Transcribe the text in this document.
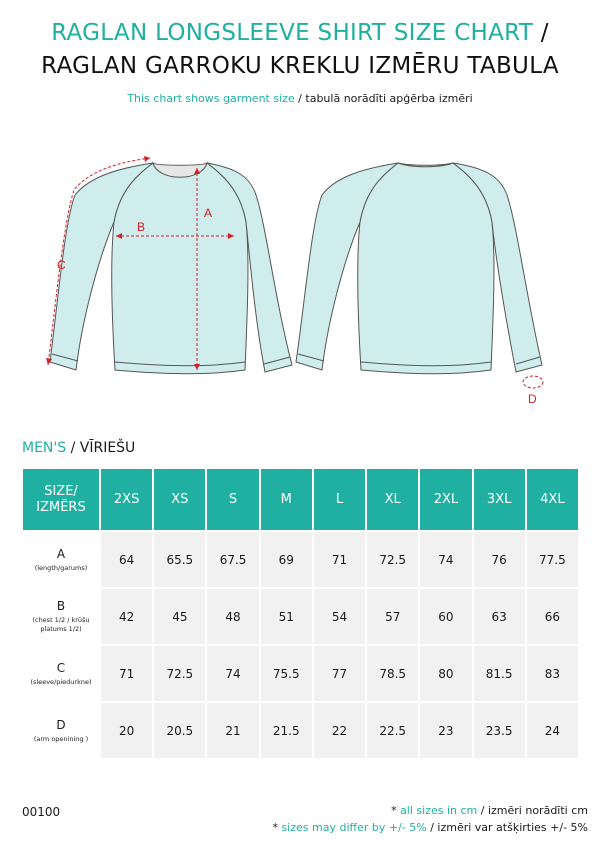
RAGLAN LONGSLEEVE SHIRT SIZE CHART /
RAGLAN GARROKU KREKLU IZMĒRU TABULA
This chart shows garment size / tabulā norādīti apģērba izmēri
A
B
C
D
MEN'S / VĪRIEŠU
SIZE/
IZMĒRS	2XS	XS	S	M	L	XL	2XL	3XL	4XL

A
(length/garums)	64	65.5	67.5	69	71	72.5	74	76	77.5

B
(chest 1/2 / krūšu
platums 1/2)	42	45	48	51	54	57	60	63	66

C
(sleeve/piedurkne)	71	72.5	74	75.5	77	78.5	80	81.5	83

D
(arm openining )	20	20.5	21	21.5	22	22.5	23	23.5	24
00100	* all sizes in cm / izmēri norādīti cm
* sizes may differ by +/- 5% / izmēri var atšķirties +/- 5%
